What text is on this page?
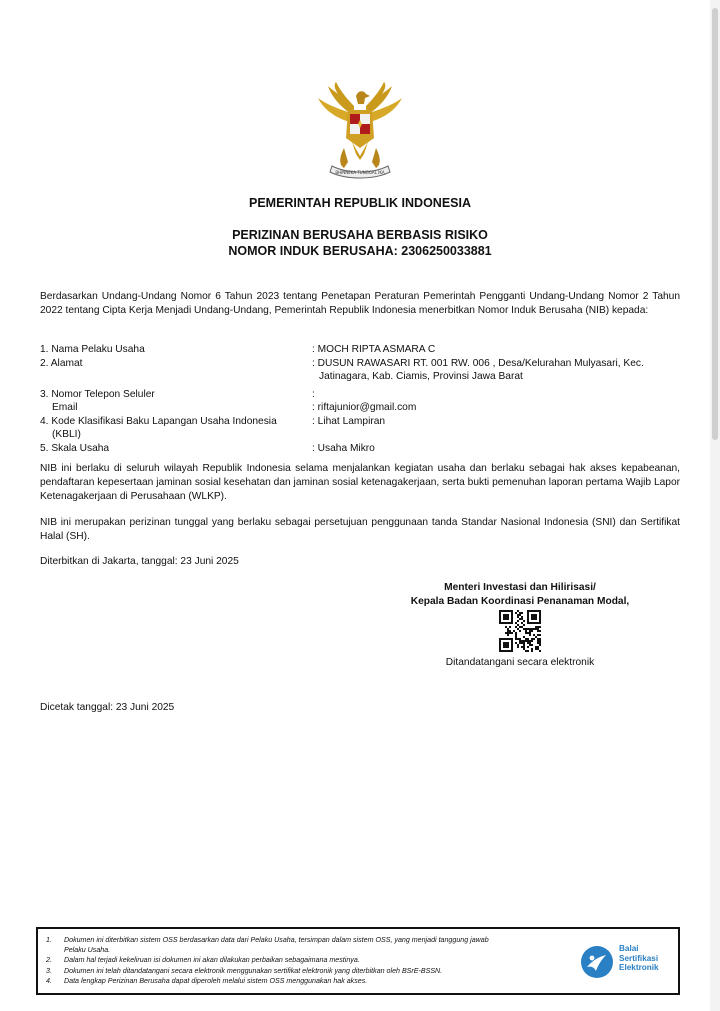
BHINNEKA TUNGGAL IKA
PEMERINTAH REPUBLIK INDONESIA
PERIZINAN BERUSAHA BERBASIS RISIKO
NOMOR INDUK BERUSAHA: 2306250033881
Berdasarkan Undang-Undang Nomor 6 Tahun 2023 tentang Penetapan Peraturan Pemerintah Pengganti Undang-Undang Nomor 2 Tahun 2022 tentang Cipta Kerja Menjadi Undang-Undang, Pemerintah Republik Indonesia menerbitkan Nomor Induk Berusaha (NIB) kepada:
1. Nama Pelaku Usaha	: MOCH RIPTA ASMARA C
2. Alamat	: DUSUN RAWASARI RT. 001 RW. 006 , Desa/Kelurahan Mulyasari, Kec.
Jatinagara, Kab. Ciamis, Provinsi Jawa Barat
3. Nomor Telepon Seluler	:
Email	: riftajunior@gmail.com
4. Kode Klasifikasi Baku Lapangan Usaha Indonesia
(KBLI)
: Lihat Lampiran
5. Skala Usaha	: Usaha Mikro
NIB ini berlaku di seluruh wilayah Republik Indonesia selama menjalankan kegiatan usaha dan berlaku sebagai hak akses kepabeanan, pendaftaran kepesertaan jaminan sosial kesehatan dan jaminan sosial ketenagakerjaan, serta bukti pemenuhan laporan pertama Wajib Lapor Ketenagakerjaan di Perusahaan (WLKP).
NIB ini merupakan perizinan tunggal yang berlaku sebagai persetujuan penggunaan tanda Standar Nasional Indonesia (SNI) dan Sertifikat Halal (SH).
Diterbitkan di Jakarta, tanggal: 23 Juni 2025
Menteri Investasi dan Hilirisasi/
Kepala Badan Koordinasi Penanaman Modal,
Ditandatangani secara elektronik
Dicetak tanggal: 23 Juni 2025
1.	Dokumen ini diterbitkan sistem OSS berdasarkan data dari Pelaku Usaha, tersimpan dalam sistem OSS, yang menjadi tanggung jawab
Pelaku Usaha.
2.	Dalam hal terjadi kekeliruan isi dokumen ini akan dilakukan perbaikan sebagaimana mestinya.
3.	Dokumen ini telah ditandatangani secara elektronik menggunakan sertifikat elektronik yang diterbitkan oleh BSrE-BSSN.
4.	Data lengkap Perizinan Berusaha dapat diperoleh melalui sistem OSS menggunakan hak akses.
Balai
Sertifikasi
Elektronik
